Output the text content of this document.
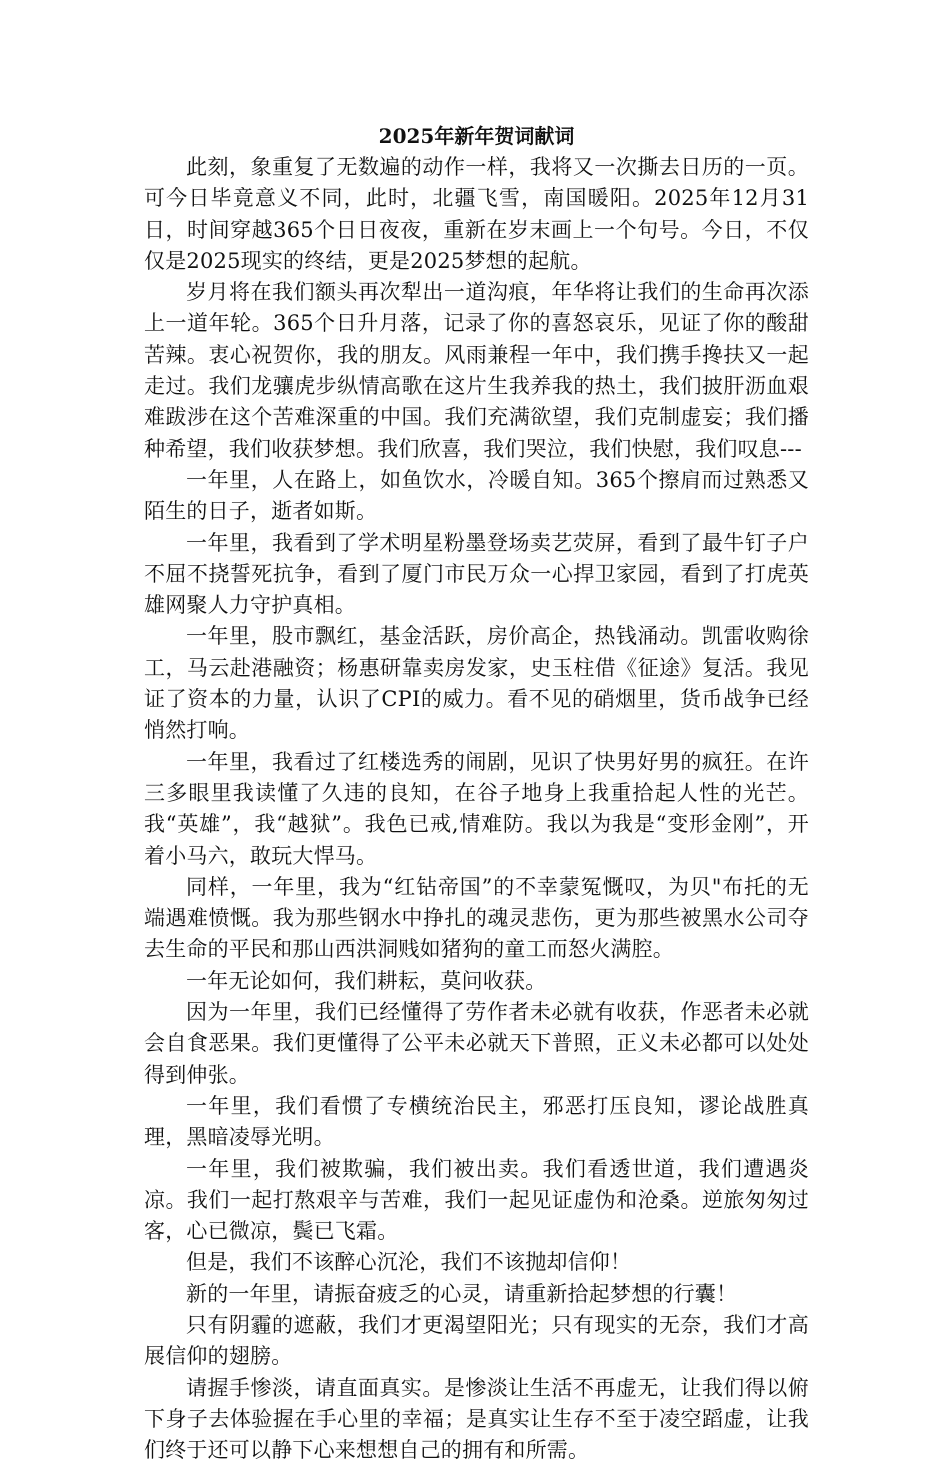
2025年新年贺词献词

此刻，象重复了无数遍的动作一样，我将又一次撕去日历的一页。可今日毕竟意义不同，此时，北疆飞雪，南国暖阳。2025年12月31日，时间穿越365个日日夜夜，重新在岁末画上一个句号。今日，不仅仅是2025现实的终结，更是2025梦想的起航。

岁月将在我们额头再次犁出一道沟痕，年华将让我们的生命再次添上一道年轮。365个日升月落，记录了你的喜怒哀乐，见证了你的酸甜苦辣。衷心祝贺你，我的朋友。风雨兼程一年中，我们携手搀扶又一起走过。我们龙骧虎步纵情高歌在这片生我养我的热土，我们披肝沥血艰难跋涉在这个苦难深重的中国。我们充满欲望，我们克制虚妄；我们播种希望，我们收获梦想。我们欣喜，我们哭泣，我们快慰，我们叹息---

一年里，人在路上，如鱼饮水，冷暖自知。365个擦肩而过熟悉又陌生的日子，逝者如斯。

一年里，我看到了学术明星粉墨登场卖艺荧屏，看到了最牛钉子户不屈不挠誓死抗争，看到了厦门市民万众一心捍卫家园，看到了打虎英雄网聚人力守护真相。

一年里，股市飘红，基金活跃，房价高企，热钱涌动。凯雷收购徐工，马云赴港融资；杨惠研靠卖房发家，史玉柱借《征途》复活。我见证了资本的力量，认识了CPI的威力。看不见的硝烟里，货币战争已经悄然打响。

一年里，我看过了红楼选秀的闹剧，见识了快男好男的疯狂。在许三多眼里我读懂了久违的良知，在谷子地身上我重拾起人性的光芒。我“英雄”，我“越狱”。我色已戒,情难防。我以为我是“变形金刚”，开着小马六，敢玩大悍马。

同样，一年里，我为“红钻帝国”的不幸蒙冤慨叹，为贝"布托的无端遇难愤慨。我为那些钢水中挣扎的魂灵悲伤，更为那些被黑水公司夺去生命的平民和那山西洪洞贱如猪狗的童工而怒火满腔。

一年无论如何，我们耕耘，莫问收获。

因为一年里，我们已经懂得了劳作者未必就有收获，作恶者未必就会自食恶果。我们更懂得了公平未必就天下普照，正义未必都可以处处得到伸张。

一年里，我们看惯了专横统治民主，邪恶打压良知，谬论战胜真理，黑暗凌辱光明。

一年里，我们被欺骗，我们被出卖。我们看透世道，我们遭遇炎凉。我们一起打熬艰辛与苦难，我们一起见证虚伪和沧桑。逆旅匆匆过客，心已微凉，鬓已飞霜。

但是，我们不该醉心沉沦，我们不该抛却信仰！

新的一年里，请振奋疲乏的心灵，请重新拾起梦想的行囊！

只有阴霾的遮蔽，我们才更渴望阳光；只有现实的无奈，我们才高展信仰的翅膀。

请握手惨淡，请直面真实。是惨淡让生活不再虚无，让我们得以俯下身子去体验握在手心里的幸福；是真实让生存不至于凌空蹈虚，让我们终于还可以静下心来想想自己的拥有和所需。
